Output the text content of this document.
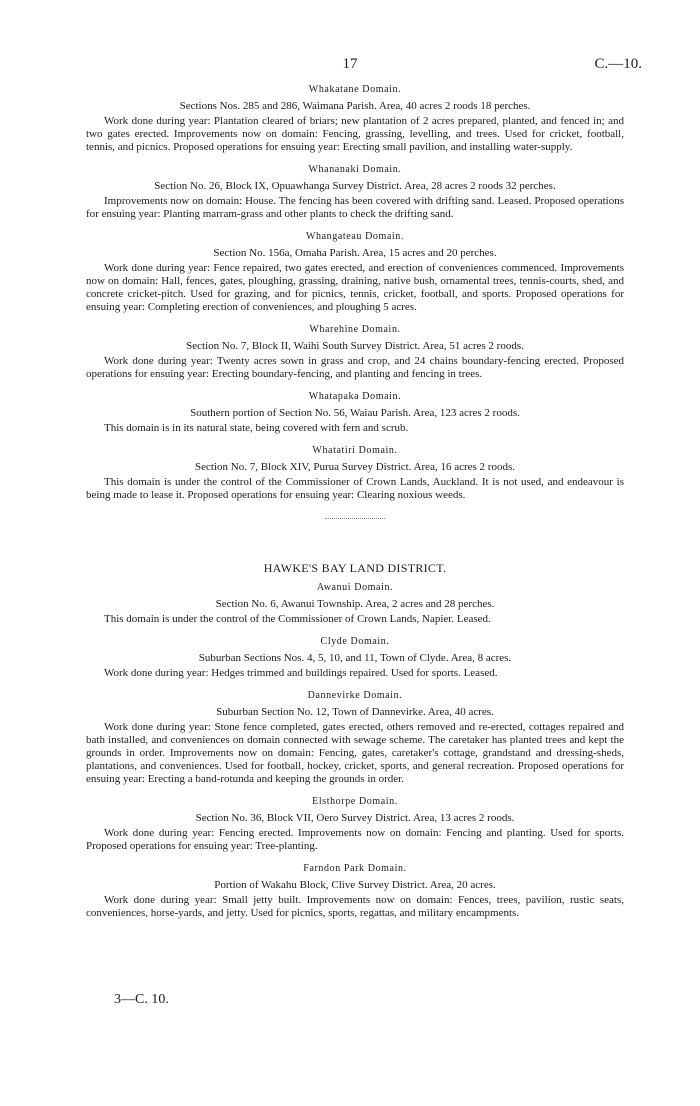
17	C.—10.
Whakatane Domain.
Sections Nos. 285 and 286, Waimana Parish. Area, 40 acres 2 roods 18 perches.

Work done during year: Plantation cleared of briars; new plantation of 2 acres prepared, planted, and fenced in; and two gates erected. Improvements now on domain: Fencing, grassing, levelling, and trees. Used for cricket, football, tennis, and picnics. Proposed operations for ensuing year: Erecting small pavilion, and installing water-supply.

Whananaki Domain.
Section No. 26, Block IX, Opuawhanga Survey District. Area, 28 acres 2 roods 32 perches.

Improvements now on domain: House. The fencing has been covered with drifting sand. Leased. Proposed operations for ensuing year: Planting marram-grass and other plants to check the drifting sand.

Whangateau Domain.
Section No. 156a, Omaha Parish. Area, 15 acres and 20 perches.

Work done during year: Fence repaired, two gates erected, and erection of conveniences commenced. Improvements now on domain: Hall, fences, gates, ploughing, grassing, draining, native bush, ornamental trees, tennis-courts, shed, and concrete cricket-pitch. Used for grazing, and for picnics, tennis, cricket, football, and sports. Proposed operations for ensuing year: Completing erection of conveniences, and ploughing 5 acres.

Wharehine Domain.
Section No. 7, Block II, Waihi South Survey District. Area, 51 acres 2 roods.

Work done during year: Twenty acres sown in grass and crop, and 24 chains boundary-fencing erected. Proposed operations for ensuing year: Erecting boundary-fencing, and planting and fencing in trees.

Whatapaka Domain.
Southern portion of Section No. 56, Waiau Parish. Area, 123 acres 2 roods.

This domain is in its natural state, being covered with fern and scrub.

Whatatiri Domain.
Section No. 7, Block XIV, Purua Survey District. Area, 16 acres 2 roods.

This domain is under the control of the Commissioner of Crown Lands, Auckland. It is not used, and endeavour is being made to lease it. Proposed operations for ensuing year: Clearing noxious weeds.

HAWKE'S BAY LAND DISTRICT.
Awanui Domain.
Section No. 6, Awanui Township. Area, 2 acres and 28 perches.

This domain is under the control of the Commissioner of Crown Lands, Napier. Leased.

Clyde Domain.
Suburban Sections Nos. 4, 5, 10, and 11, Town of Clyde. Area, 8 acres.

Work done during year: Hedges trimmed and buildings repaired. Used for sports. Leased.

Dannevirke Domain.
Suburban Section No. 12, Town of Dannevirke. Area, 40 acres.

Work done during year: Stone fence completed, gates erected, others removed and re-erected, cottages repaired and bath installed, and conveniences on domain connected with sewage scheme. The caretaker has planted trees and kept the grounds in order. Improvements now on domain: Fencing, gates, caretaker's cottage, grandstand and dressing-sheds, plantations, and conveniences. Used for football, hockey, cricket, sports, and general recreation. Proposed operations for ensuing year: Erecting a band-rotunda and keeping the grounds in order.

Elsthorpe Domain.
Section No. 36, Block VII, Oero Survey District. Area, 13 acres 2 roods.

Work done during year: Fencing erected. Improvements now on domain: Fencing and planting. Used for sports. Proposed operations for ensuing year: Tree-planting.

Farndon Park Domain.
Portion of Wakahu Block, Clive Survey District. Area, 20 acres.

Work done during year: Small jetty built. Improvements now on domain: Fences, trees, pavilion, rustic seats, conveniences, horse-yards, and jetty. Used for picnics, sports, regattas, and military encampments.

3—C. 10.
